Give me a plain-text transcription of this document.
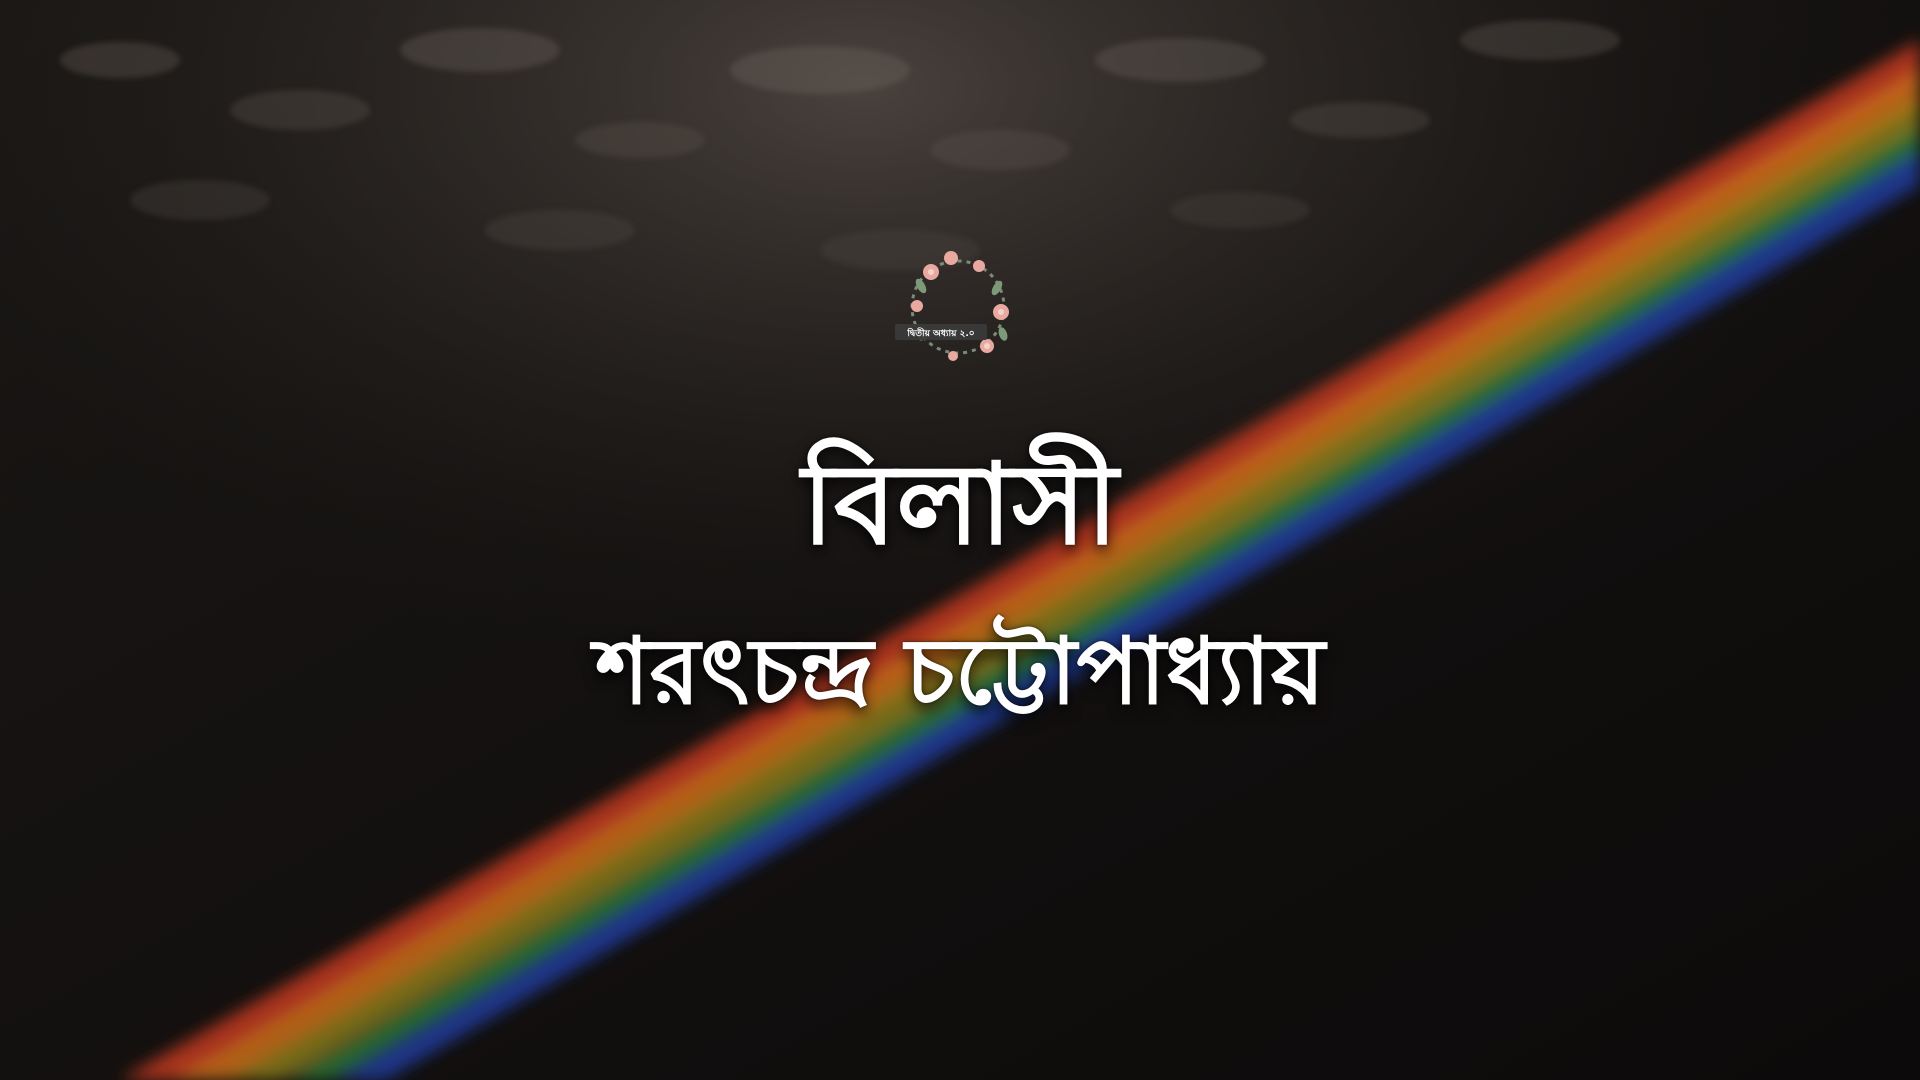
দ্বিতীয় অধ্যায় ২.০
বিলাসী
শরৎচন্দ্র চট্টোপাধ্যায়
